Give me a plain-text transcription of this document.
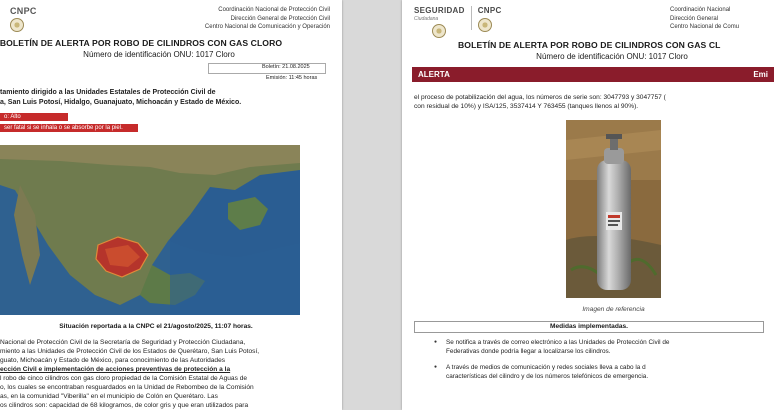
CNPC	Coordinación Nacional de Protección Civil
Dirección General de Protección Civil
Centro Nacional de Comunicación y Operación
BOLETÍN DE ALERTA POR ROBO DE CILINDROS CON GAS CLORO
Número de identificación ONU: 1017 Cloro
Boletín: 21.08.2025
Emisión: 11:45 horas
tamiento dirigido a las Unidades Estatales de Protección Civil de
a, San Luis Potosí, Hidalgo, Guanajuato, Michoacán y Estado de México.
o: Alto
ser fatal si se inhala o se absorbe por la piel.
Situación reportada a la CNPC el 21/agosto/2025, 11:07 horas.
Nacional de Protección Civil de la Secretaría de Seguridad y Protección Ciudadana,
miento a las Unidades de Protección Civil de los Estados de Querétaro, San Luis Potosí,
guato, Michoacán y Estado de México, para conocimiento de las Autoridades
ección Civil e implementación de acciones preventivas de protección a la
l robo de cinco cilindros con gas cloro propiedad de la Comisión Estatal de Aguas de
o, los cuales se encontraban resguardados en la Unidad de Rebombeo de la Comisión
as, en la comunidad "Viberilla" en el municipio de Colón en Querétaro. Las
os cilindros son: capacidad de 68 kilogramos, de color gris y que eran utilizados para
SEGURIDAD
Ciudadana
CNPC	Coordinación Nacional
Dirección General
Centro Nacional de Comu
BOLETÍN DE ALERTA POR ROBO DE CILINDROS CON GAS CL
Número de identificación ONU: 1017 Cloro
ALERTA	Emi
el proceso de potabilización del agua, los números de serie son: 3047793 y 3047757 (
con residual de 10%) y ISA/125, 3537414 Y 763455 (tanques llenos al 90%).
Imagen de referencia
Medidas implementadas.
● Se notifica a través de correo electrónico a las Unidades de Protección Civil de
Federativas donde podría llegar a localizarse los cilindros.
● A través de medios de comunicación y redes sociales lleva a cabo la d
características del cilindro y de los números telefónicos de emergencia.
